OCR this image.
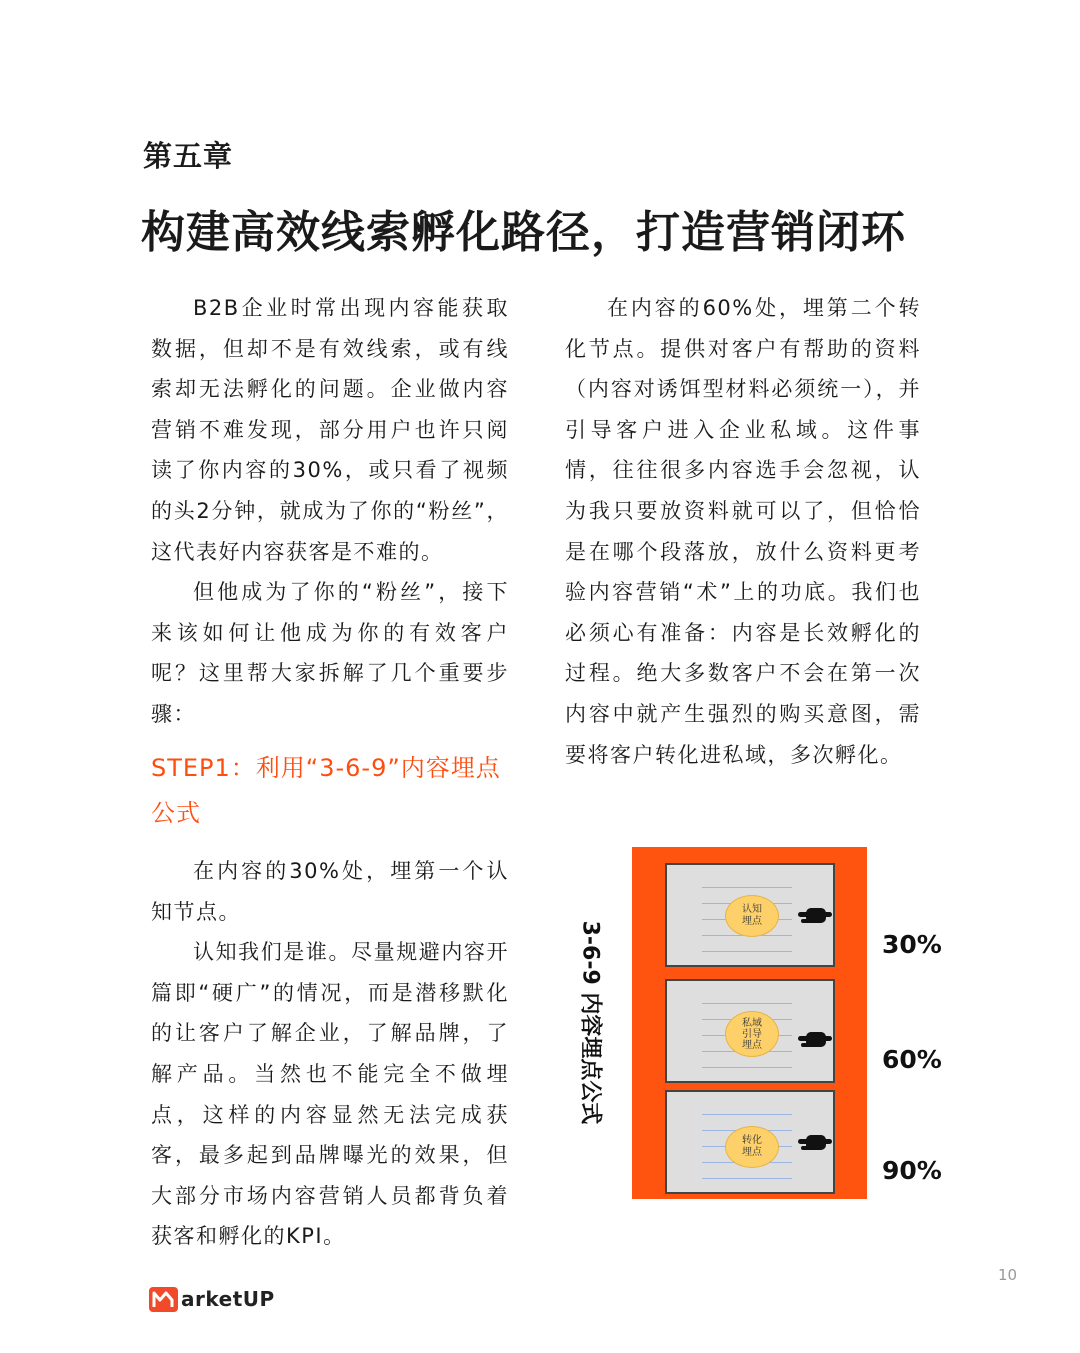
第五章
构建高效线索孵化路径，打造营销闭环

B2B企业时常出现内容能获取数据，但却不是有效线索，或有线索却无法孵化的问题。企业做内容营销不难发现，部分用户也许只阅读了你内容的30%，或只看了视频的头2分钟，就成为了你的“粉丝”，这代表好内容获客是不难的。

但他成为了你的“粉丝”，接下来该如何让他成为你的有效客户呢？这里帮大家拆解了几个重要步骤：

STEP1：利用“3-6-9”内容埋点公式

在内容的30%处，埋第一个认知节点。

认知我们是谁。尽量规避内容开篇即“硬广”的情况，而是潜移默化的让客户了解企业，了解品牌，了解产品。当然也不能完全不做埋点，这样的内容显然无法完成获客，最多起到品牌曝光的效果，但大部分市场内容营销人员都背负着获客和孵化的KPI。

在内容的60%处，埋第二个转化节点。提供对客户有帮助的资料（内容对诱饵型材料必须统一），并引导客户进入企业私域。这件事情，往往很多内容选手会忽视，认为我只要放资料就可以了，但恰恰是在哪个段落放，放什么资料更考验内容营销“术”上的功底。我们也必须心有准备：内容是长效孵化的过程。绝大多数客户不会在第一次内容中就产生强烈的购买意图，需要将客户转化进私域，多次孵化。

3-6-9 内容埋点公式
认知
埋点
私域
引导
埋点
转化
埋点
30%
60%
90%
10
arketUP
